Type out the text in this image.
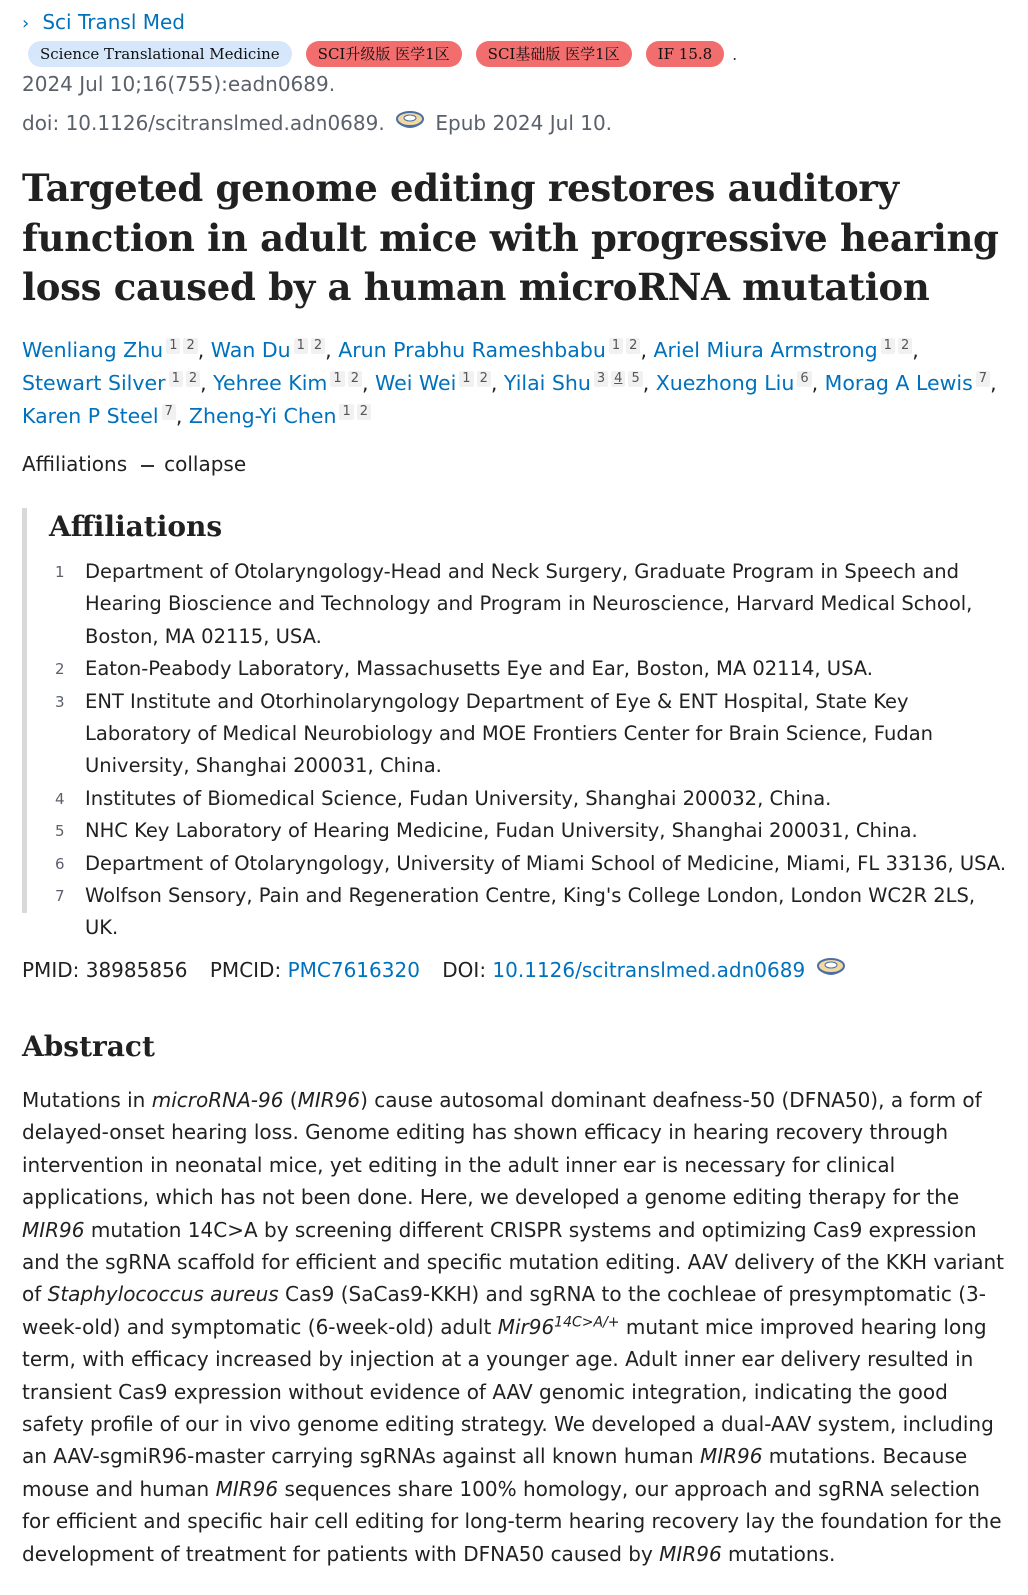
› Sci Transl Med
Science Translational Medicine	SCI升级版 医学1区	SCI基础版 医学1区	IF 15.8	.
2024 Jul 10;16(755):eadn0689.
doi: 10.1126/scitranslmed.adn0689.	Epub 2024 Jul 10.
Targeted genome editing restores auditory function in adult mice with progressive hearing loss caused by a human microRNA mutation
Wenliang Zhu 1 2 , Wan Du 1 2 , Arun Prabhu Rameshbabu 1 2 , Ariel Miura Armstrong 1 2 , Stewart Silver 1 2 , Yehree Kim 1 2 , Wei Wei 1 2 , Yilai Shu 3 4 5 , Xuezhong Liu 6 , Morag A Lewis 7 , Karen P Steel 7 , Zheng-Yi Chen 1 2
Affiliations collapse
Affiliations
1	Department of Otolaryngology-Head and Neck Surgery, Graduate Program in Speech and Hearing Bioscience and Technology and Program in Neuroscience, Harvard Medical School, Boston, MA 02115, USA.
2	Eaton-Peabody Laboratory, Massachusetts Eye and Ear, Boston, MA 02114, USA.
3	ENT Institute and Otorhinolaryngology Department of Eye & ENT Hospital, State Key Laboratory of Medical Neurobiology and MOE Frontiers Center for Brain Science, Fudan University, Shanghai 200031, China.
4	Institutes of Biomedical Science, Fudan University, Shanghai 200032, China.
5	NHC Key Laboratory of Hearing Medicine, Fudan University, Shanghai 200031, China.
6	Department of Otolaryngology, University of Miami School of Medicine, Miami, FL 33136, USA.
7	Wolfson Sensory, Pain and Regeneration Centre, King's College London, London WC2R 2LS, UK.
PMID: 38985856 PMCID: PMC7616320 DOI: 10.1126/scitranslmed.adn0689
Abstract

Mutations in microRNA-96 (MIR96) cause autosomal dominant deafness-50 (DFNA50), a form of delayed-onset hearing loss. Genome editing has shown efficacy in hearing recovery through intervention in neonatal mice, yet editing in the adult inner ear is necessary for clinical applications, which has not been done. Here, we developed a genome editing therapy for the MIR96 mutation 14C>A by screening different CRISPR systems and optimizing Cas9 expression and the sgRNA scaffold for efficient and specific mutation editing. AAV delivery of the KKH variant of Staphylococcus aureus Cas9 (SaCas9-KKH) and sgRNA to the cochleae of presymptomatic (3-week-old) and symptomatic (6-week-old) adult $Mir96^{14C>A/+}$ mutant mice improved hearing long term, with efficacy increased by injection at a younger age. Adult inner ear delivery resulted in transient Cas9 expression without evidence of AAV genomic integration, indicating the good safety profile of our in vivo genome editing strategy. We developed a dual-AAV system, including an AAV-sgmiR96-master carrying sgRNAs against all known human MIR96 mutations. Because mouse and human MIR96 sequences share 100% homology, our approach and sgRNA selection for efficient and specific hair cell editing for long-term hearing recovery lay the foundation for the development of treatment for patients with DFNA50 caused by MIR96 mutations.
